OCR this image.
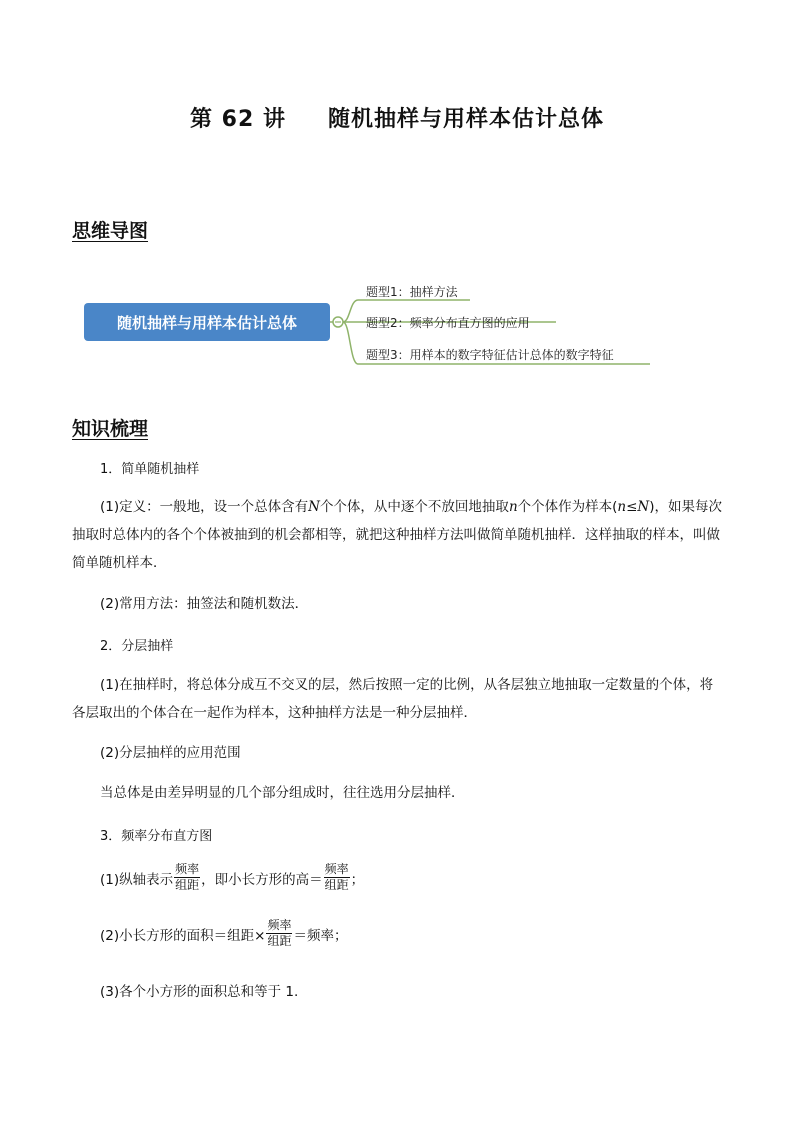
第 62 讲 随机抽样与用样本估计总体
思维导图
随机抽样与用样本估计总体
题型1：抽样方法
题型2：频率分布直方图的应用
题型3：用样本的数字特征估计总体的数字特征
知识梳理
1．简单随机抽样
(1)定义：一般地，设一个总体含有N个个体，从中逐个不放回地抽取n个个体作为样本(n≤N)，如果每次抽取时总体内的各个个体被抽到的机会都相等，就把这种抽样方法叫做简单随机抽样．这样抽取的样本，叫做简单随机样本．
(2)常用方法：抽签法和随机数法．
2．分层抽样
(1)在抽样时，将总体分成互不交叉的层，然后按照一定的比例，从各层独立地抽取一定数量的个体，将各层取出的个体合在一起作为样本，这种抽样方法是一种分层抽样．
(2)分层抽样的应用范围
当总体是由差异明显的几个部分组成时，往往选用分层抽样．
3．频率分布直方图
(1)纵轴表示 $\frac{\text{频率}}{\text{组距}}$ ，即小长方形的高＝ $\frac{\text{频率}}{\text{组距}}$ ；
(2)小长方形的面积＝组距× $\frac{\text{频率}}{\text{组距}}$ ＝频率；
(3)各个小方形的面积总和等于 1.
